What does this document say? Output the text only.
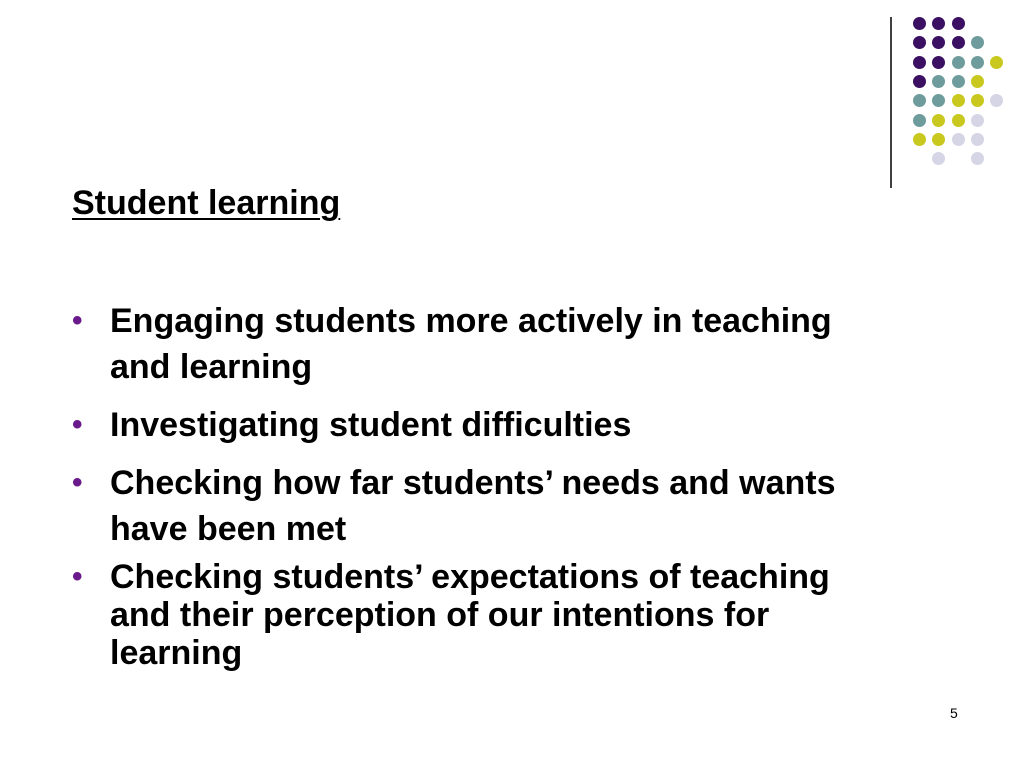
Student learning
• Engaging students more actively in teaching and learning
• Investigating student difficulties
• Checking how far students’ needs and wants have been met
• Checking students’ expectations of teaching and their perception of our intentions for learning
5
